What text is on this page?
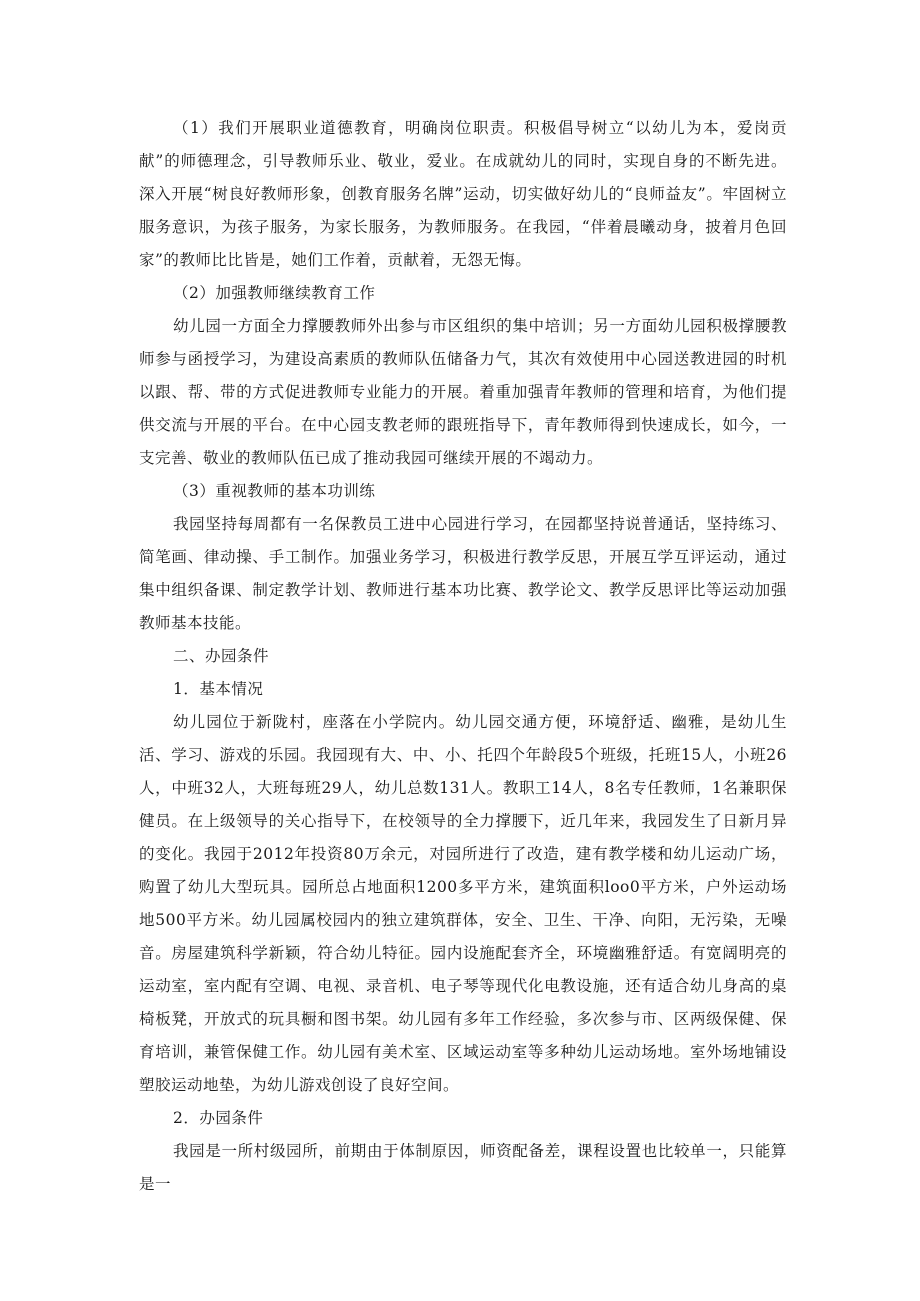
（1）我们开展职业道德教育，明确岗位职责。积极倡导树立“以幼儿为本，爱岗贡献”的师德理念，引导教师乐业、敬业，爱业。在成就幼儿的同时，实现自身的不断先进。深入开展“树良好教师形象，创教育服务名牌”运动，切实做好幼儿的“良师益友”。牢固树立服务意识，为孩子服务，为家长服务，为教师服务。在我园，“伴着晨曦动身，披着月色回家”的教师比比皆是，她们工作着，贡献着，无怨无悔。

（2）加强教师继续教育工作

幼儿园一方面全力撑腰教师外出参与市区组织的集中培训；另一方面幼儿园积极撑腰教师参与函授学习，为建设高素质的教师队伍储备力气，其次有效使用中心园送教进园的时机以跟、帮、带的方式促进教师专业能力的开展。着重加强青年教师的管理和培育，为他们提供交流与开展的平台。在中心园支教老师的跟班指导下，青年教师得到快速成长，如今，一支完善、敬业的教师队伍已成了推动我园可继续开展的不竭动力。

（3）重视教师的基本功训练

我园坚持每周都有一名保教员工进中心园进行学习，在园都坚持说普通话，坚持练习、简笔画、律动操、手工制作。加强业务学习，积极进行教学反思，开展互学互评运动，通过集中组织备课、制定教学计划、教师进行基本功比赛、教学论文、教学反思评比等运动加强教师基本技能。

二、办园条件

1．基本情况

幼儿园位于新陇村，座落在小学院内。幼儿园交通方便，环境舒适、幽雅，是幼儿生活、学习、游戏的乐园。我园现有大、中、小、托四个年龄段5个班级，托班15人，小班26人，中班32人，大班每班29人，幼儿总数131人。教职工14人，8名专任教师，1名兼职保健员。在上级领导的关心指导下，在校领导的全力撑腰下，近几年来，我园发生了日新月异的变化。我园于2012年投资80万余元，对园所进行了改造，建有教学楼和幼儿运动广场，购置了幼儿大型玩具。园所总占地面积1200多平方米，建筑面积loo0平方米，户外运动场地500平方米。幼儿园属校园内的独立建筑群体，安全、卫生、干净、向阳，无污染，无噪音。房屋建筑科学新颖，符合幼儿特征。园内设施配套齐全，环境幽雅舒适。有宽阔明亮的运动室，室内配有空调、电视、录音机、电子琴等现代化电教设施，还有适合幼儿身高的桌椅板凳，开放式的玩具橱和图书架。幼儿园有多年工作经验，多次参与市、区两级保健、保育培训，兼管保健工作。幼儿园有美术室、区域运动室等多种幼儿运动场地。室外场地铺设塑胶运动地垫，为幼儿游戏创设了良好空间。

2．办园条件

我园是一所村级园所，前期由于体制原因，师资配备差，课程设置也比较单一，只能算是一
